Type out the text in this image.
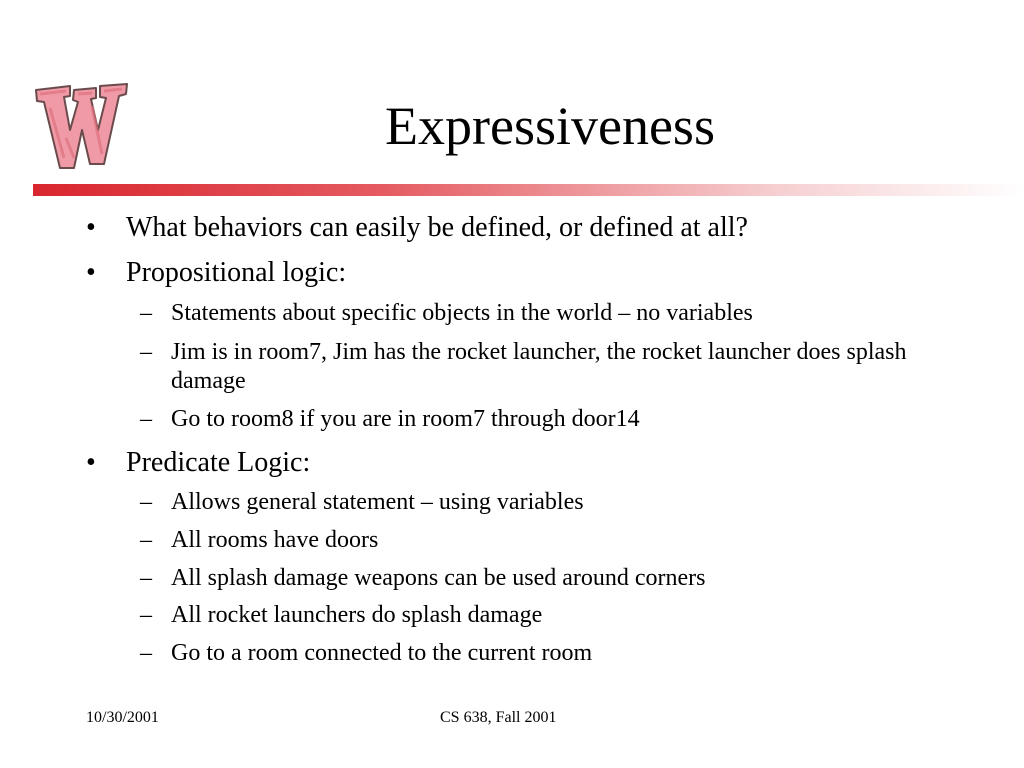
Expressiveness
• What behaviors can easily be defined, or defined at all?
• Propositional logic:
– Statements about specific objects in the world – no variables
– Jim is in room7, Jim has the rocket launcher, the rocket launcher does splash damage
– Go to room8 if you are in room7 through door14
• Predicate Logic:
– Allows general statement – using variables
– All rooms have doors
– All splash damage weapons can be used around corners
– All rocket launchers do splash damage
– Go to a room connected to the current room
10/30/2001	CS 638, Fall 2001
